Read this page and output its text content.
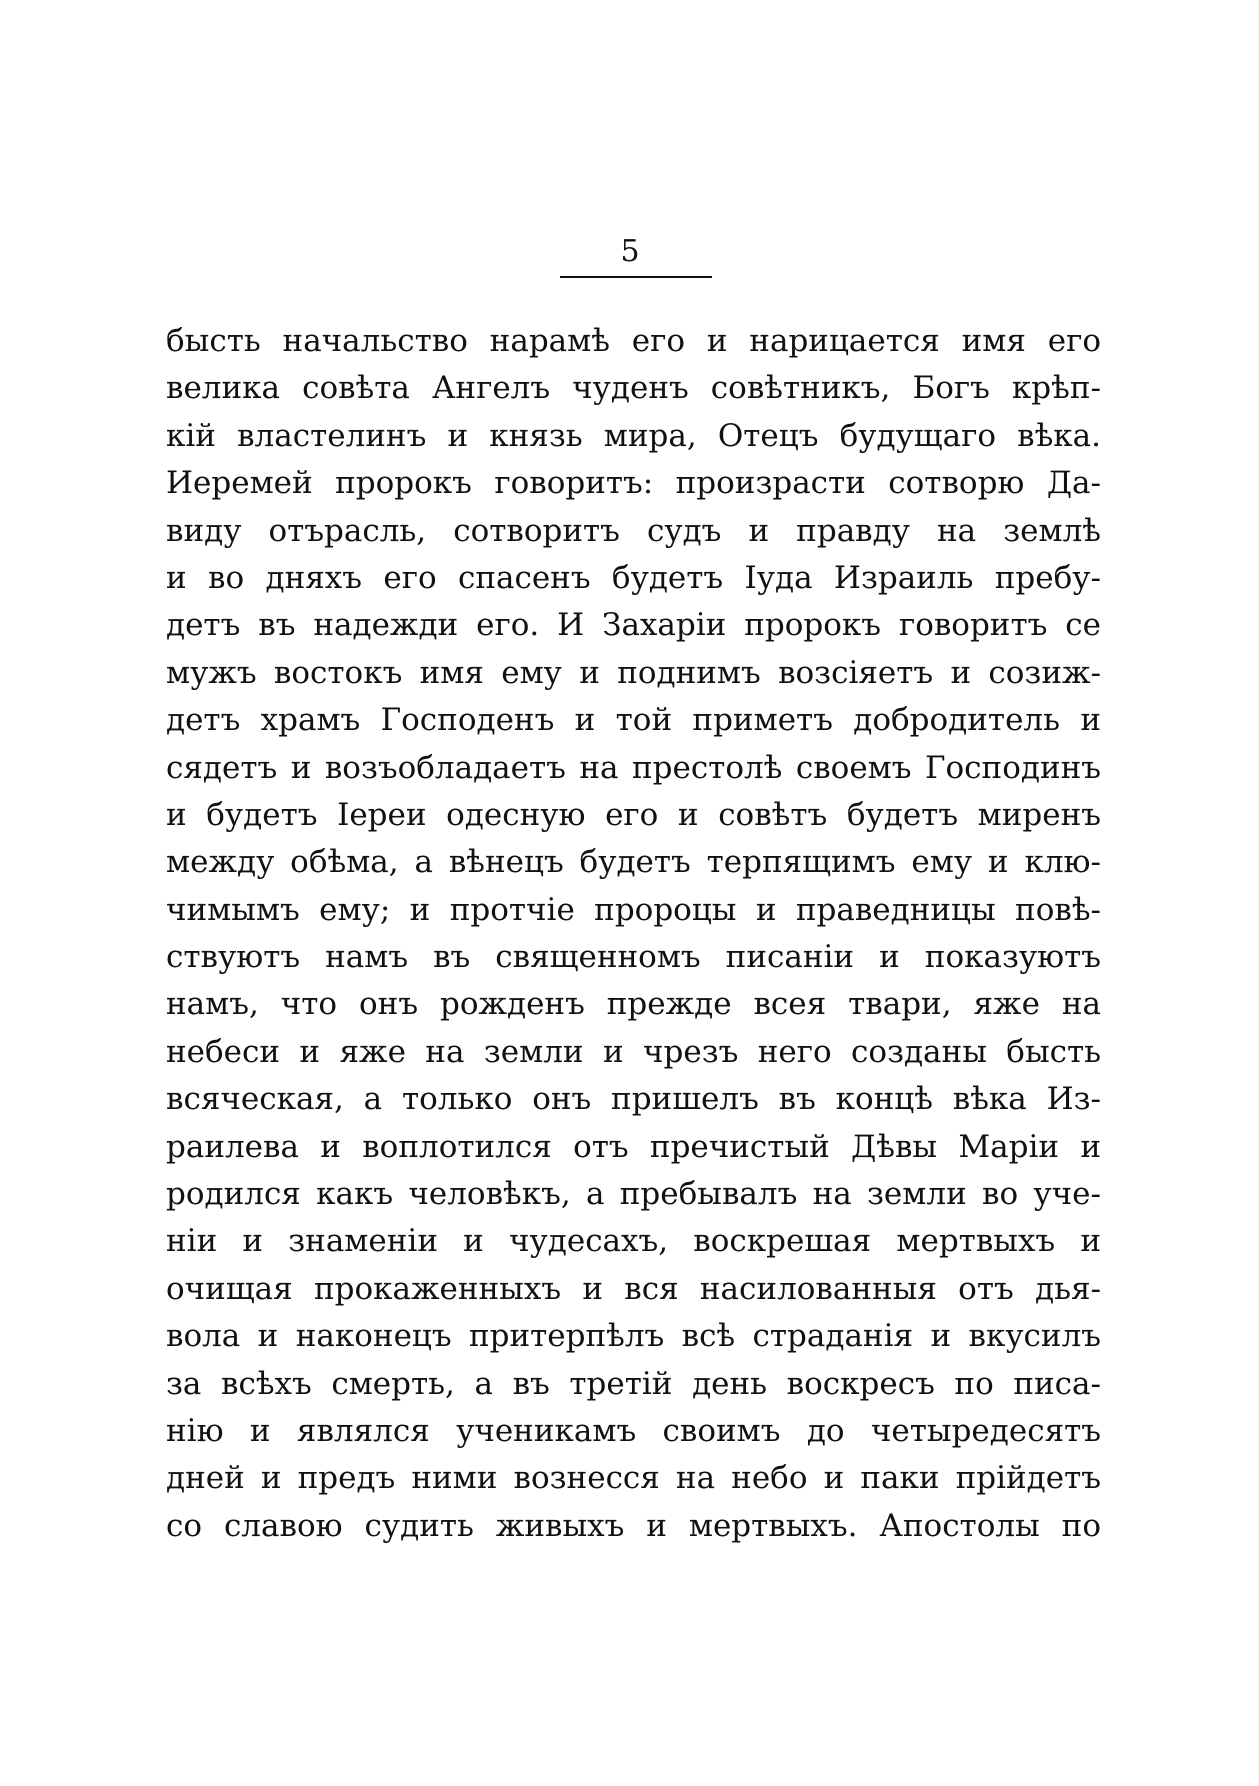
5
бысть начальство нарамѣ его и нарицается имя его
велика совѣта Ангелъ чуденъ совѣтникъ, Богъ крѣп-
кій властелинъ и князь мира, Отецъ будущаго вѣка.
Иеремей пророкъ говоритъ: произрасти сотворю Да-
виду отърасль, сотворитъ судъ и правду на землѣ
и во дняхъ его спасенъ будетъ Іуда Израиль пребу-
детъ въ надежди его. И Захаріи пророкъ говоритъ се
мужъ востокъ имя ему и поднимъ возсіяетъ и созиж-
детъ храмъ Господенъ и той приметъ добродитель и
сядетъ и возъобладаетъ на престолѣ своемъ Господинъ
и будетъ Іереи одесную его и совѣтъ будетъ миренъ
между обѣма, а вѣнецъ будетъ терпящимъ ему и клю-
чимымъ ему; и протчіе пророцы и праведницы повѣ-
ствуютъ намъ въ священномъ писаніи и показуютъ
намъ, что онъ рожденъ прежде всея твари, яже на
небеси и яже на земли и чрезъ него созданы бысть
всяческая, а только онъ пришелъ въ концѣ вѣка Из-
раилева и воплотился отъ пречистый Дѣвы Маріи и
родился какъ человѣкъ, а пребывалъ на земли во уче-
ніи и знаменіи и чудесахъ, воскрешая мертвыхъ и
очищая прокаженныхъ и вся насилованныя отъ дья-
вола и наконецъ притерпѣлъ всѣ страданія и вкусилъ
за всѣхъ смерть, а въ третій день воскресъ по писа-
нію и являлся ученикамъ своимъ до четыредесятъ
дней и предъ ними вознесся на небо и паки прійдетъ
со славою судить живыхъ и мертвыхъ. Апостолы по
